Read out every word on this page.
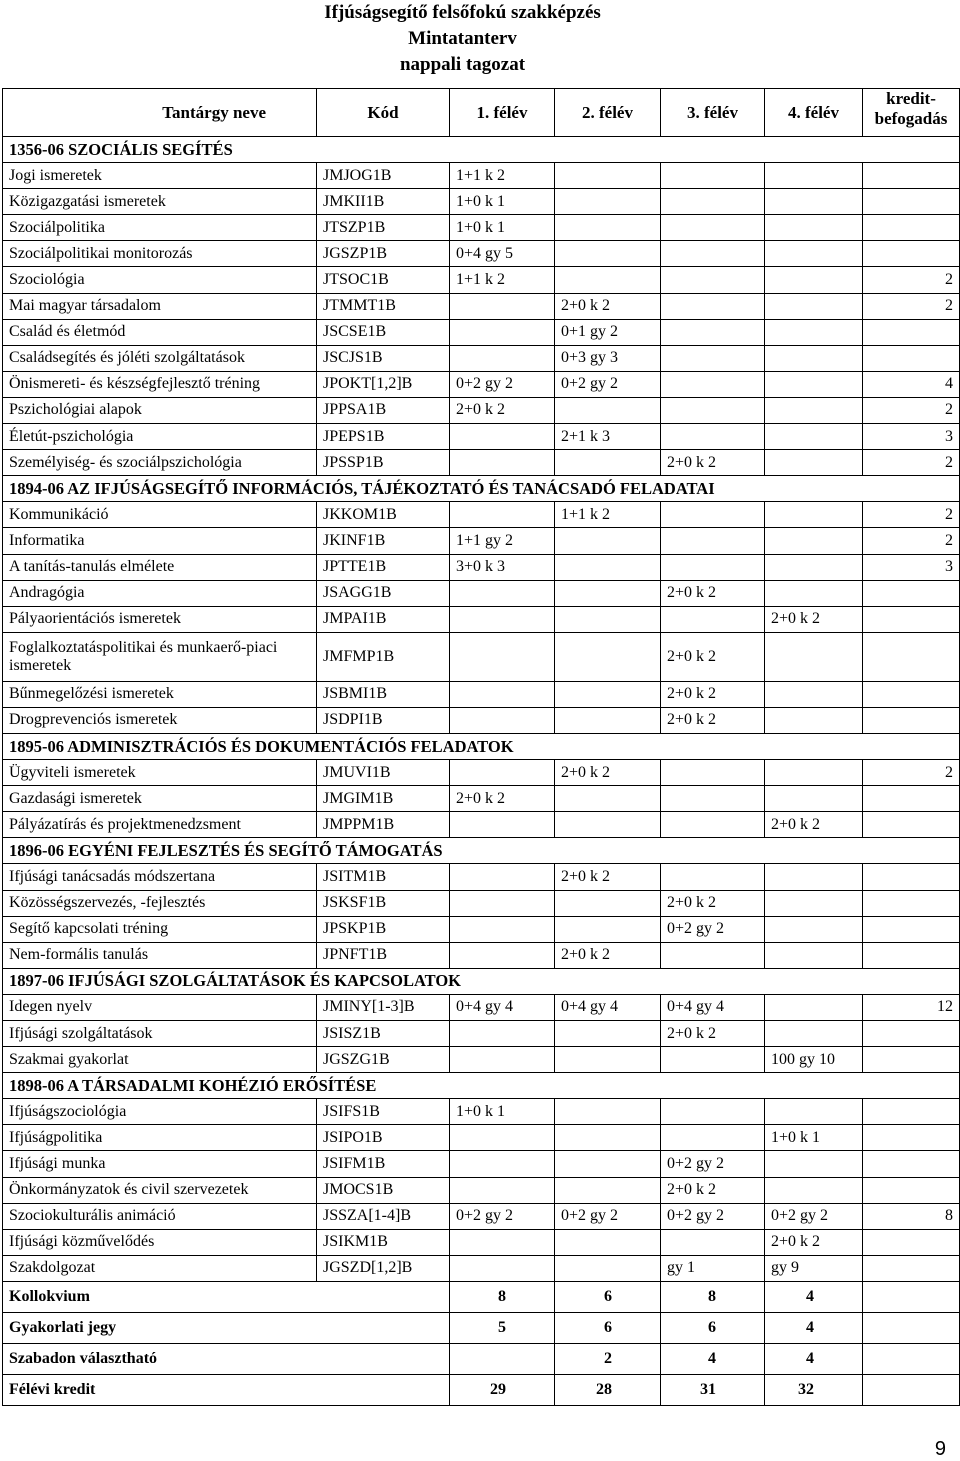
Ifjúságsegítő felsőfokú szakképzés
Mintatanterv
nappali tagozat
Tantárgy neve	Kód	1. félév	2. félév	3. félév	4. félév	kredit-befogadás
1356-06 SZOCIÁLIS SEGÍTÉS						
Jogi ismeretek	JMJOG1B	1+1 k 2				
Közigazgatási ismeretek	JMKII1B	1+0 k 1				
Szociálpolitika	JTSZP1B	1+0 k 1				
Szociálpolitikai monitorozás	JGSZP1B	0+4 gy 5				
Szociológia	JTSOC1B	1+1 k 2				2
Mai magyar társadalom	JTMMT1B		2+0 k 2			2
Család és életmód	JSCSE1B		0+1 gy 2			
Családsegítés és jóléti szolgáltatások	JSCJS1B		0+3 gy 3			
Önismereti- és készségfejlesztő tréning	JPOKT[1,2]B	0+2 gy 2	0+2 gy 2			4
Pszichológiai alapok	JPPSA1B	2+0 k 2				2
Életút-pszichológia	JPEPS1B		2+1 k 3			3
Személyiség- és szociálpszichológia	JPSSP1B			2+0 k 2		2
1894-06 AZ IFJÚSÁGSEGÍTŐ INFORMÁCIÓS, TÁJÉKOZTATÓ ÉS TANÁCSADÓ FELADATAI						
Kommunikáció	JKKOM1B		1+1 k 2			2
Informatika	JKINF1B	1+1 gy 2				2
A tanítás-tanulás elmélete	JPTTE1B	3+0 k 3				3
Andragógia	JSAGG1B			2+0 k 2		
Pályaorientációs ismeretek	JMPAI1B				2+0 k 2	
Foglalkoztatáspolitikai és munkaerő-piaci ismeretek	JMFMP1B			2+0 k 2		
Bűnmegelőzési ismeretek	JSBMI1B			2+0 k 2		
Drogprevenciós ismeretek	JSDPI1B			2+0 k 2		
1895-06 ADMINISZTRÁCIÓS ÉS DOKUMENTÁCIÓS FELADATOK						
Ügyviteli ismeretek	JMUVI1B		2+0 k 2			2
Gazdasági ismeretek	JMGIM1B	2+0 k 2				
Pályázatírás és projektmenedzsment	JMPPM1B				2+0 k 2	
1896-06 EGYÉNI FEJLESZTÉS ÉS SEGÍTŐ TÁMOGATÁS						
Ifjúsági tanácsadás módszertana	JSITM1B		2+0 k 2			
Közösségszervezés, -fejlesztés	JSKSF1B			2+0 k 2		
Segítő kapcsolati tréning	JPSKP1B			0+2 gy 2		
Nem-formális tanulás	JPNFT1B		2+0 k 2			
1897-06 IFJÚSÁGI SZOLGÁLTATÁSOK ÉS KAPCSOLATOK						
Idegen nyelv	JMINY[1-3]B	0+4 gy 4	0+4 gy 4	0+4 gy 4		12
Ifjúsági szolgáltatások	JSISZ1B			2+0 k 2		
Szakmai gyakorlat	JGSZG1B				100 gy 10	
1898-06 A TÁRSADALMI KOHÉZIÓ ERŐSÍTÉSE						
Ifjúságszociológia	JSIFS1B	1+0 k 1				
Ifjúságpolitika	JSIPO1B				1+0 k 1	
Ifjúsági munka	JSIFM1B			0+2 gy 2		
Önkormányzatok és civil szervezetek	JMOCS1B			2+0 k 2		
Szociokulturális animáció	JSSZA[1-4]B	0+2 gy 2	0+2 gy 2	0+2 gy 2	0+2 gy 2	8
Ifjúsági közművelődés	JSIKM1B				2+0 k 2	
Szakdolgozat	JGSZD[1,2]B			gy 1	gy 9	
Kollokvium		8	6	8	4	
Gyakorlati jegy		5	6	6	4	
Szabadon választható			2	4	4	
Félévi kredit		29	28	31	32	
9
